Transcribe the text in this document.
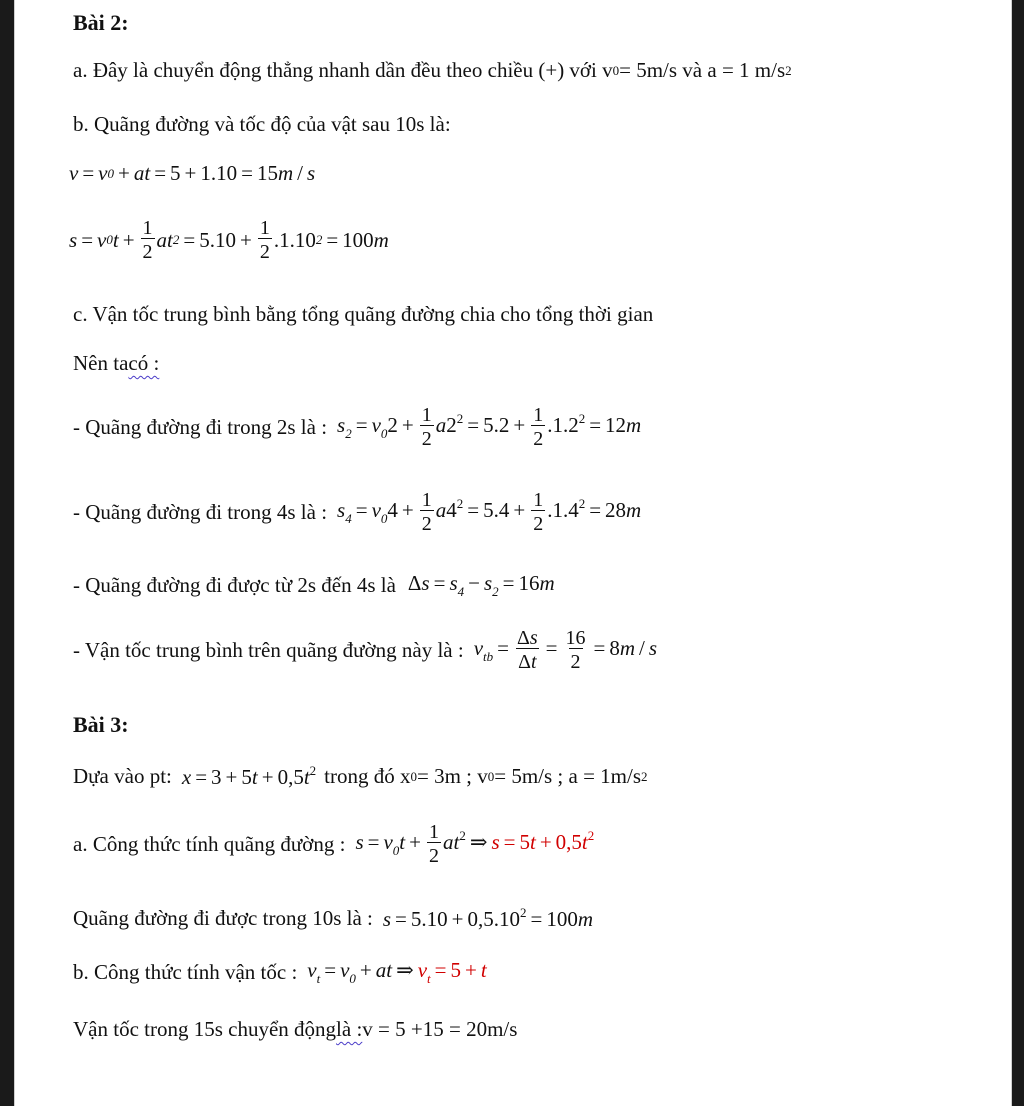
Bài 2:
a. Đây là chuyển động thẳng nhanh dần đều theo chiều (+) với v 0 = 5m/s và a = 1 m/s 2
b. Quãng đường và tốc độ của vật sau 10s là:
v = v 0 + at = 5 + 1.10 = 15 m / s
s = v 0 $t + \frac{1}{2}$ at $2 = 5.10 + \frac{1}{2} .1.10$ 2 = 100 m
c. Vận tốc trung bình bằng tổng quãng đường chia cho tổng thời gian
Nên ta có :
- Quãng đường đi trong 2s là : $s_2 = v_02 + \frac{1}{2} a2^2 = 5.2 + \frac{1}{2} .1.2^2 = 12m$
- Quãng đường đi trong 4s là : $s_4 = v_04 + \frac{1}{2} a4^2 = 5.4 + \frac{1}{2} .1.4^2 = 28m$
- Quãng đường đi được từ 2s đến 4s là $\Delta s = s_4 - s_2 = 16m$
- Vận tốc trung bình trên quãng đường này là : $v_{tb} = \frac{\Delta s}{\Delta t} = \frac{16}{2} = 8m / s$
Bài 3:
Dựa vào pt: $x = 3 + 5t + 0,5t^2$ trong đó x 0 = 3m ; v 0 = 5m/s ; a = 1m/s 2
a. Công thức tính quãng đường : $s = v_0t + \frac{1}{2} at^2$ ⇒ $s = 5t + 0,5t^2$
Quãng đường đi được trong 10s là : $s = 5.10 + 0,5.10^2 = 100m$
b. Công thức tính vận tốc : $v_t = v_0$ + at ⇒ $v_t = 5 + t$
Vận tốc trong 15s chuyển động là : v = 5 +15 = 20m/s
